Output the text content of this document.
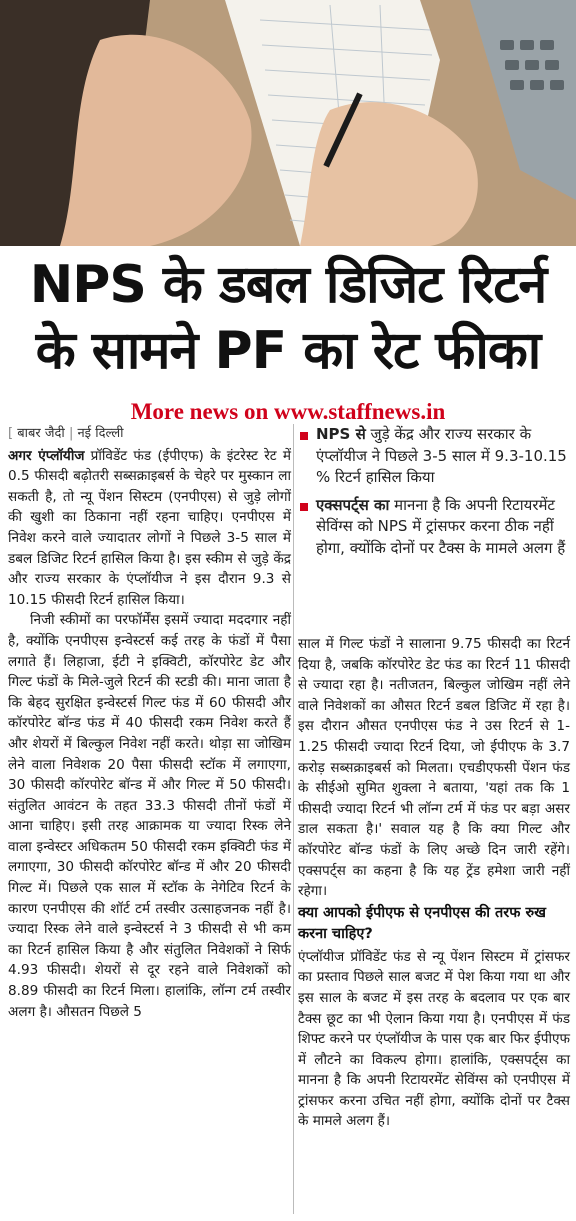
NPS के डबल डिजिट रिटर्न
के सामने PF का रेट फीका
More news on www.staffnews.in
[ बाबर जैदी | नई दिल्ली

अगर एंप्लॉयीज प्रॉविडेंट फंड (ईपीएफ) के इंटरेस्ट रेट में 0.5 फीसदी बढ़ोतरी सब्सक्राइबर्स के चेहरे पर मुस्कान ला सकती है, तो न्यू पेंशन सिस्टम (एनपीएस) से जुड़े लोगों की खुशी का ठिकाना नहीं रहना चाहिए। एनपीएस में निवेश करने वाले ज्यादातर लोगों ने पिछले 3-5 साल में डबल डिजिट रिटर्न हासिल किया है। इस स्कीम से जुड़े केंद्र और राज्य सरकार के एंप्लॉयीज ने इस दौरान 9.3 से 10.15 फीसदी रिटर्न हासिल किया।

निजी स्कीमों का परफॉर्मेंस इसमें ज्यादा मददगार नहीं है, क्योंकि एनपीएस इन्वेस्टर्स कई तरह के फंडों में पैसा लगाते हैं। लिहाजा, ईटी ने इक्विटी, कॉरपोरेट डेट और गिल्ट फंडों के मिले-जुले रिटर्न की स्टडी की। माना जाता है कि बेहद सुरक्षित इन्वेस्टर्स गिल्ट फंड में 60 फीसदी और कॉरपोरेट बॉन्ड फंड में 40 फीसदी रकम निवेश करते हैं और शेयरों में बिल्कुल निवेश नहीं करते। थोड़ा सा जोखिम लेने वाला निवेशक 20 पैसा फीसदी स्टॉक में लगाएगा, 30 फीसदी कॉरपोरेट बॉन्ड में और गिल्ट में 50 फीसदी। संतुलित आवंटन के तहत 33.3 फीसदी तीनों फंडों में आना चाहिए। इसी तरह आक्रामक या ज्यादा रिस्क लेने वाला इन्वेस्टर अधिकतम 50 फीसदी रकम इक्विटी फंड में लगाएगा, 30 फीसदी कॉरपोरेट बॉन्ड में और 20 फीसदी गिल्ट में। पिछले एक साल में स्टॉक के नेगेटिव रिटर्न के कारण एनपीएस की शॉर्ट टर्म तस्वीर उत्साहजनक नहीं है। ज्यादा रिस्क लेने वाले इन्वेस्टर्स ने 3 फीसदी से भी कम का रिटर्न हासिल किया है और संतुलित निवेशकों ने सिर्फ 4.93 फीसदी। शेयरों से दूर रहने वाले निवेशकों को 8.89 फीसदी का रिटर्न मिला। हालांकि, लॉन्ग टर्म तस्वीर अलग है। औसतन पिछले 5

NPS से जुड़े केंद्र और राज्य सरकार के एंप्लॉयीज ने पिछले 3-5 साल में 9.3-10.15 % रिटर्न हासिल किया
एक्सपर्ट्स का मानना है कि अपनी रिटायरमेंट सेविंग्स को NPS में ट्रांसफर करना ठीक नहीं होगा, क्योंकि दोनों पर टैक्स के मामले अलग हैं

साल में गिल्ट फंडों ने सालाना 9.75 फीसदी का रिटर्न दिया है, जबकि कॉरपोरेट डेट फंड का रिटर्न 11 फीसदी से ज्यादा रहा है। नतीजतन, बिल्कुल जोखिम नहीं लेने वाले निवेशकों का औसत रिटर्न डबल डिजिट में रहा है। इस दौरान औसत एनपीएस फंड ने उस रिटर्न से 1-1.25 फीसदी ज्यादा रिटर्न दिया, जो ईपीएफ के 3.7 करोड़ सब्सक्राइबर्स को मिलता। एचडीएफसी पेंशन फंड के सीईओ सुमित शुक्ला ने बताया, 'यहां तक कि 1 फीसदी ज्यादा रिटर्न भी लॉन्ग टर्म में फंड पर बड़ा असर डाल सकता है।' सवाल यह है कि क्या गिल्ट और कॉरपोरेट बॉन्ड फंडों के लिए अच्छे दिन जारी रहेंगे। एक्सपर्ट्स का कहना है कि यह ट्रेंड हमेशा जारी नहीं रहेगा।

क्या आपको ईपीएफ से एनपीएस की तरफ रुख करना चाहिए?

एंप्लॉयीज प्रॉविडेंट फंड से न्यू पेंशन सिस्टम में ट्रांसफर का प्रस्ताव पिछले साल बजट में पेश किया गया था और इस साल के बजट में इस तरह के बदलाव पर एक बार टैक्स छूट का भी ऐलान किया गया है। एनपीएस में फंड शिफ्ट करने पर एंप्लॉयीज के पास एक बार फिर ईपीएफ में लौटने का विकल्प होगा। हालांकि, एक्सपर्ट्स का मानना है कि अपनी रिटायरमेंट सेविंग्स को एनपीएस में ट्रांसफर करना उचित नहीं होगा, क्योंकि दोनों पर टैक्स के मामले अलग हैं।
